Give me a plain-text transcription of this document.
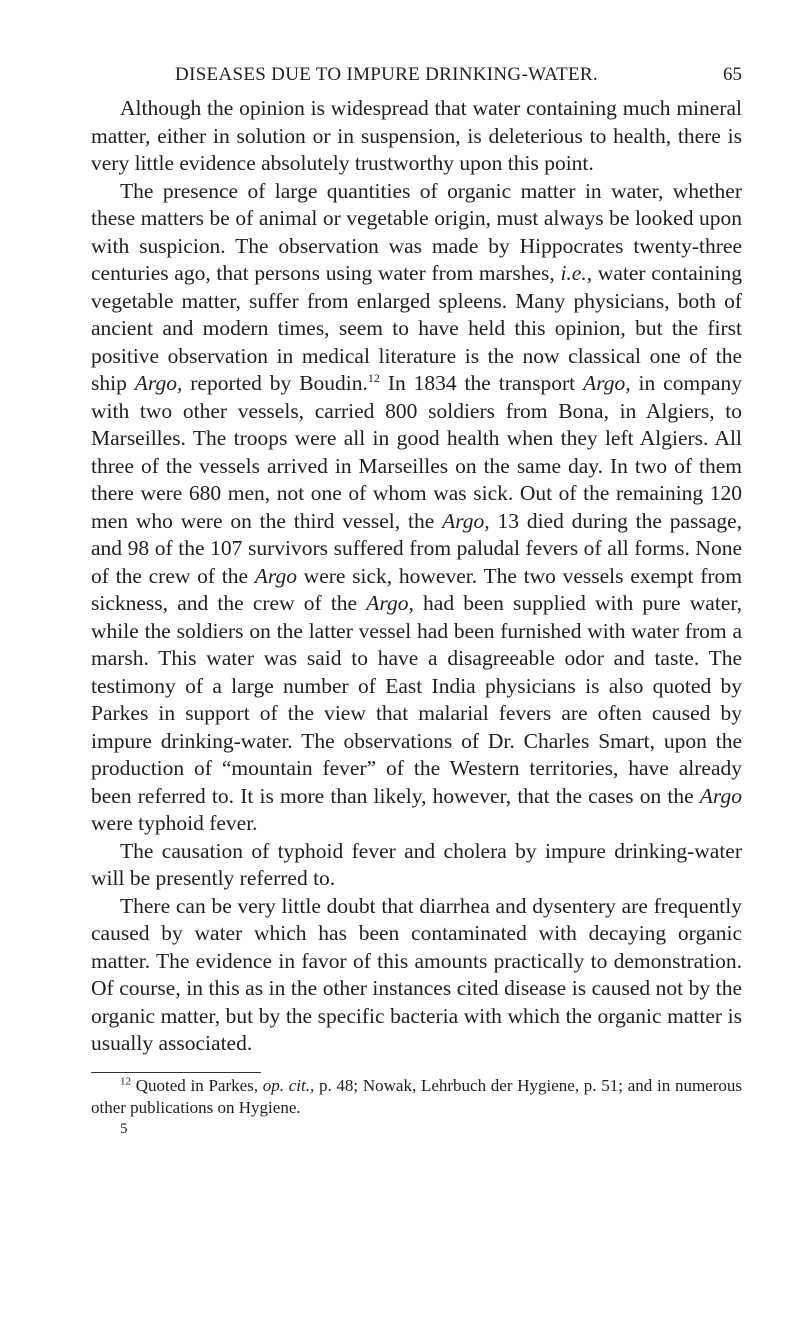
DISEASES DUE TO IMPURE DRINKING-WATER.	65

Although the opinion is widespread that water containing much mineral matter, either in solution or in suspension, is deleterious to health, there is very little evidence absolutely trustworthy upon this point.

The presence of large quantities of organic matter in water, whether these matters be of animal or vegetable origin, must always be looked upon with suspicion. The observation was made by Hippocrates twenty-three centuries ago, that persons using water from marshes, i.e., water containing vegetable matter, suffer from enlarged spleens. Many physicians, both of ancient and modern times, seem to have held this opinion, but the first positive observation in medical literature is the now classical one of the ship Argo, reported by Boudin.$^{12}$ In 1834 the transport Argo, in company with two other vessels, carried 800 soldiers from Bona, in Algiers, to Marseilles. The troops were all in good health when they left Algiers. All three of the vessels arrived in Marseilles on the same day. In two of them there were 680 men, not one of whom was sick. Out of the remaining 120 men who were on the third vessel, the Argo, 13 died during the passage, and 98 of the 107 survivors suffered from paludal fevers of all forms. None of the crew of the Argo were sick, however. The two vessels exempt from sickness, and the crew of the Argo, had been supplied with pure water, while the soldiers on the latter vessel had been furnished with water from a marsh. This water was said to have a disagreeable odor and taste. The testimony of a large number of East India physicians is also quoted by Parkes in support of the view that malarial fevers are often caused by impure drinking-water. The observations of Dr. Charles Smart, upon the production of “mountain fever” of the Western territories, have already been referred to. It is more than likely, however, that the cases on the Argo were typhoid fever.

The causation of typhoid fever and cholera by impure drinking-water will be presently referred to.

There can be very little doubt that diarrhea and dysentery are frequently caused by water which has been contaminated with decaying organic matter. The evidence in favor of this amounts practically to demonstration. Of course, in this as in the other instances cited disease is caused not by the organic matter, but by the specific bacteria with which the organic matter is usually associated.

$^{12}$ Quoted in Parkes, op. cit., p. 48; Nowak, Lehrbuch der Hygiene, p. 51; and in numerous other publications on Hygiene.
5
